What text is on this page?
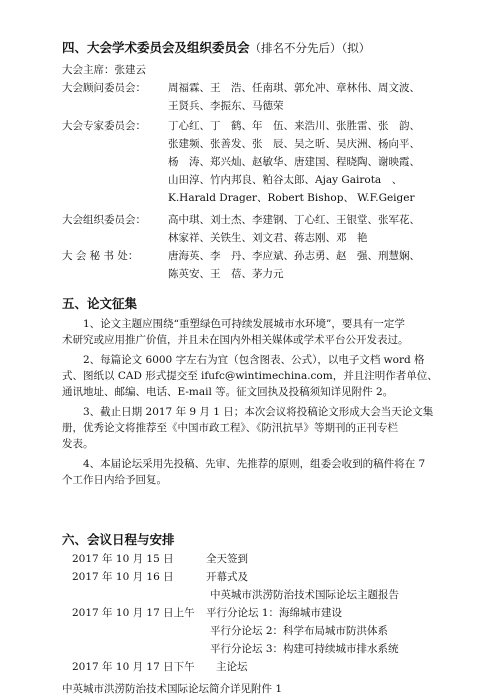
四、大会学术委员会及组织委员会（排名不分先后）（拟）
大会主席：张建云
大会顾问委员会： 周福霖、王　浩、任南琪、郭允冲、章林伟、周文波、
王贤兵、李振东、马德荣
大会专家委员会： 丁心红、丁　鹤、年　伍、来浩川、张胜雷、张　韵、
张建频、张善发、张　辰、吴之昕、吴庆洲、杨向平、
杨　涛、郑兴灿、赵敏华、唐建国、程晓陶、谢映霞、
山田淳、竹内邦良、粕谷太郎、Ajay Gairota　、
K.Harald Drager、Robert Bishop、 W.F.Geiger
大会组织委员会： 高中琪、刘士杰、李建钢、丁心红、王银堂、张军花、
林家祥、关铁生、刘文君、蒋志刚、邓　艳
大 会 秘 书 处：	唐海英、李　丹、李应斌、孙志勇、赵　强、刑慧娴、
陈英安、王　蓓、茅力元
五、论文征集
　　1、论文主题应围绕“重塑绿色可持续发展城市水环境”，要具有一定学
术研究或应用推广价值，并且未在国内外相关媒体或学术平台公开发表过。
　　2、每篇论文 6000 字左右为宜（包含图表、公式），以电子文档 word 格
式、图纸以 CAD 形式提交至 ifufc@wintimechina.com，并且注明作者单位、
通讯地址、邮编、电话、E-mail 等。征文回执及投稿须知详见附件 2。
　　3、截止日期 2017 年 9 月 1 日；本次会议将投稿论文形成大会当天论文集
册，优秀论文将推荐至《中国市政工程》、《防汛抗旱》等期刊的正刊专栏
发表。
　　4、本届论坛采用先投稿、先审、先推荐的原则，组委会收到的稿件将在 7
个工作日内给予回复。
六、会议日程与安排
2017 年 10 月 15 日	全天签到
2017 年 10 月 16 日	开幕式及
中英城市洪涝防治技术国际论坛主题报告
2017 年 10 月 17 日上午 平行分论坛 1：海绵城市建设
平行分论坛 2：科学布局城市防洪体系
平行分论坛 3：构建可持续城市排水系统
2017 年 10 月 17 日下午 主论坛
中英城市洪涝防治技术国际论坛简介详见附件 1
